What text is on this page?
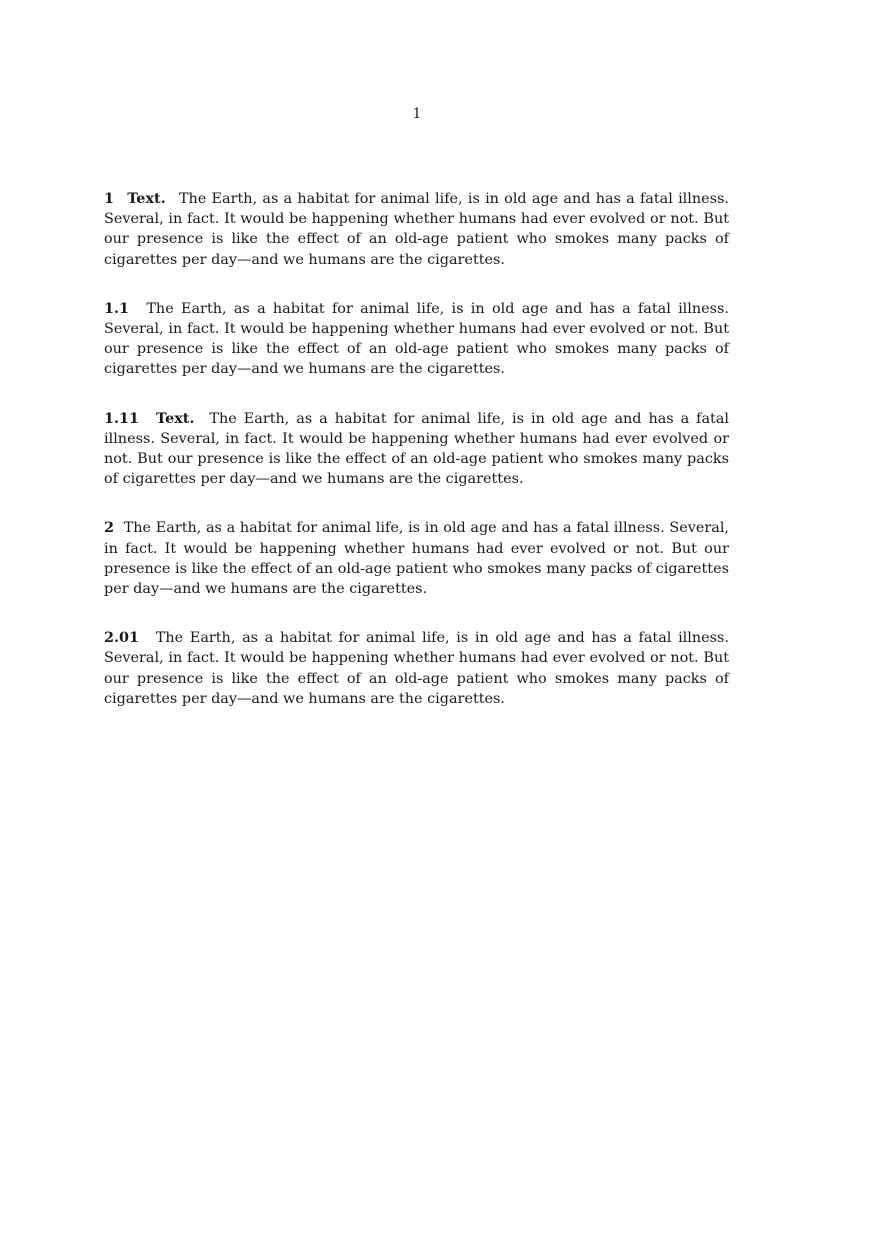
1

1 Text. The Earth, as a habitat for animal life, is in old age and has a fatal illness. Several, in fact. It would be happening whether humans had ever evolved or not. But our presence is like the effect of an old-age patient who smokes many packs of cigarettes per day—and we humans are the cigarettes.

1.1 The Earth, as a habitat for animal life, is in old age and has a fatal illness. Several, in fact. It would be happening whether humans had ever evolved or not. But our presence is like the effect of an old-age patient who smokes many packs of cigarettes per day—and we humans are the cigarettes.

1.11 Text. The Earth, as a habitat for animal life, is in old age and has a fatal illness. Several, in fact. It would be happening whether humans had ever evolved or not. But our presence is like the effect of an old-age patient who smokes many packs of cigarettes per day—and we humans are the cigarettes.

2 The Earth, as a habitat for animal life, is in old age and has a fatal illness. Several, in fact. It would be happening whether humans had ever evolved or not. But our presence is like the effect of an old-age patient who smokes many packs of cigarettes per day—and we humans are the cigarettes.

2.01 The Earth, as a habitat for animal life, is in old age and has a fatal illness. Several, in fact. It would be happening whether humans had ever evolved or not. But our presence is like the effect of an old-age patient who smokes many packs of cigarettes per day—and we humans are the cigarettes.
